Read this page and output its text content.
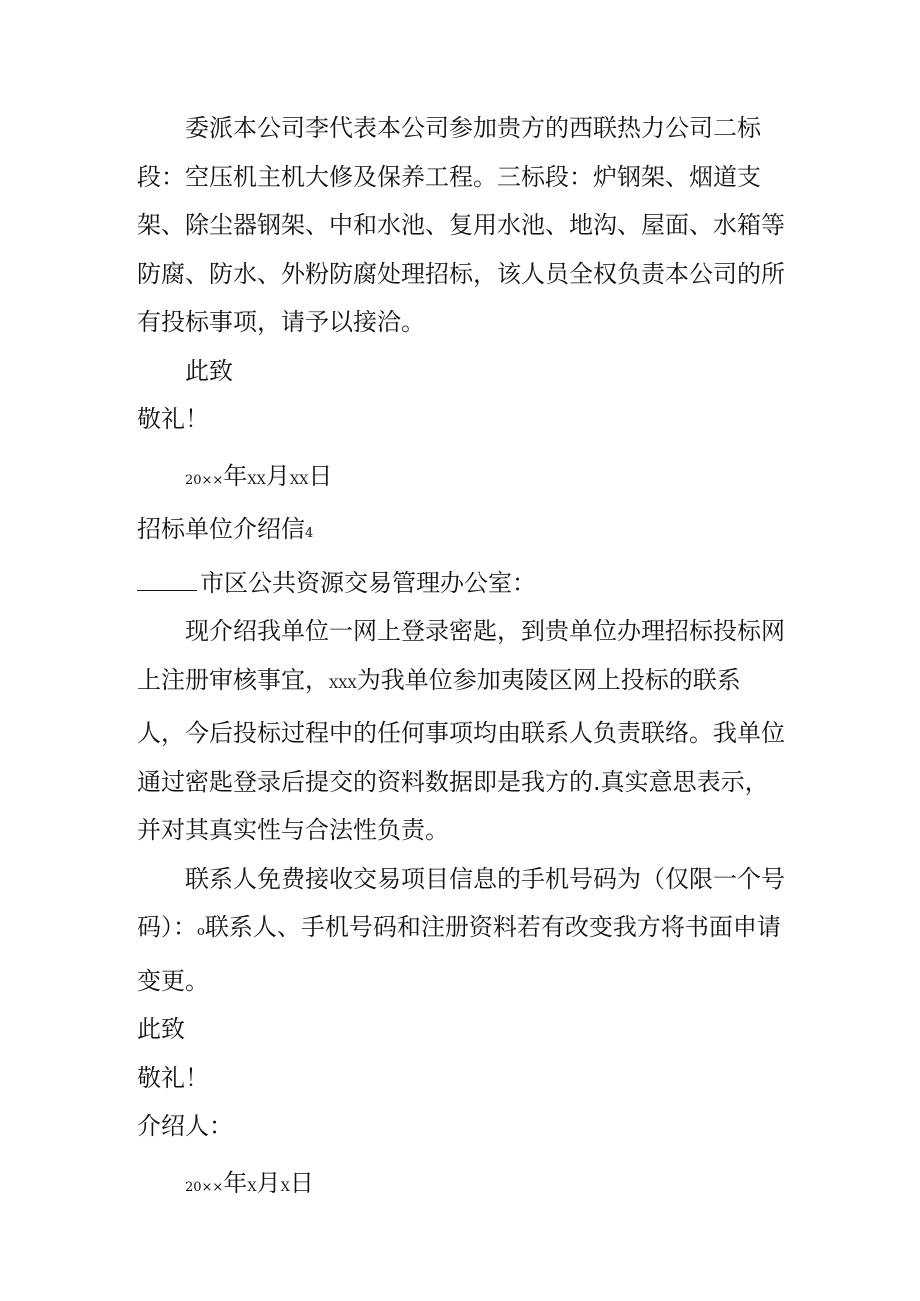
委派本公司李代表本公司参加贵方的西联热力公司二标段：空压机主机大修及保养工程。三标段：炉钢架、烟道支架、除尘器钢架、中和水池、复用水池、地沟、屋面、水箱等防腐、防水、外粉防腐处理招标，该人员全权负责本公司的所有投标事项，请予以接洽。

此致

敬礼！

20××年XX月XX日

招标单位介绍信4

市区公共资源交易管理办公室：

现介绍我单位一网上登录密匙，到贵单位办理招标投标网上注册审核事宜，XXX为我单位参加夷陵区网上投标的联系人，今后投标过程中的任何事项均由联系人负责联络。我单位通过密匙登录后提交的资料数据即是我方的.真实意思表示，并对其真实性与合法性负责。

联系人免费接收交易项目信息的手机号码为（仅限一个号码）：o联系人、手机号码和注册资料若有改变我方将书面申请变更。

此致

敬礼！

介绍人：

20××年X月X日
